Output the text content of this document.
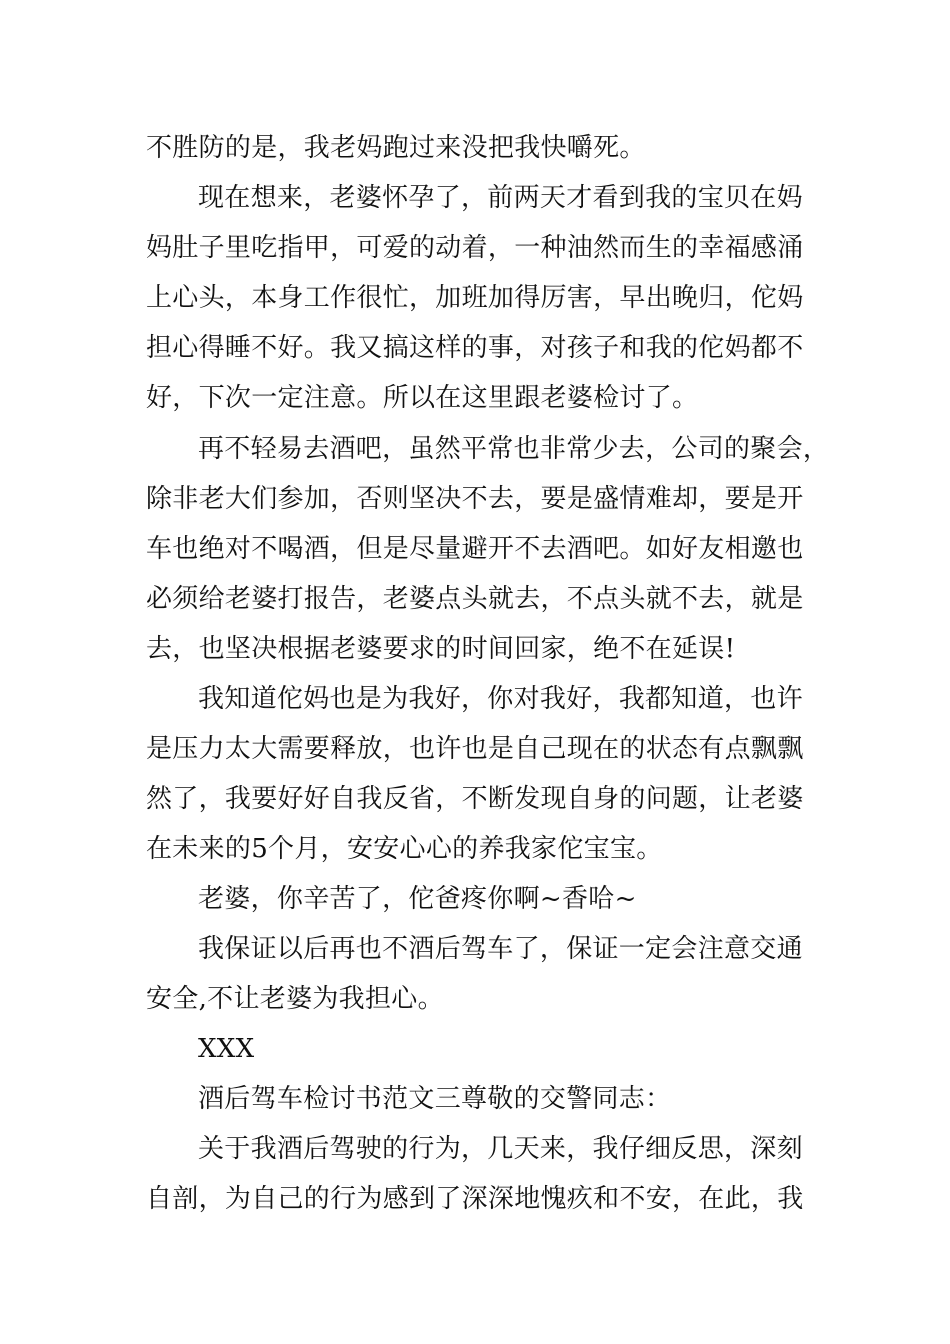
不胜防的是，我老妈跑过来没把我快嚼死。
现在想来，老婆怀孕了，前两天才看到我的宝贝在妈
妈肚子里吃指甲，可爱的动着，一种油然而生的幸福感涌
上心头，本身工作很忙，加班加得厉害，早出晚归，佗妈
担心得睡不好。我又搞这样的事，对孩子和我的佗妈都不
好，下次一定注意。所以在这里跟老婆检讨了。
再不轻易去酒吧，虽然平常也非常少去，公司的聚会，
除非老大们参加，否则坚决不去，要是盛情难却，要是开
车也绝对不喝酒，但是尽量避开不去酒吧。如好友相邀也
必须给老婆打报告，老婆点头就去，不点头就不去，就是
去，也坚决根据老婆要求的时间回家，绝不在延误!
我知道佗妈也是为我好，你对我好，我都知道，也许
是压力太大需要释放，也许也是自己现在的状态有点飘飘
然了，我要好好自我反省，不断发现自身的问题，让老婆
在未来的5个月，安安心心的养我家佗宝宝。
老婆，你辛苦了，佗爸疼你啊~香哈~
我保证以后再也不酒后驾车了，保证一定会注意交通
安全,不让老婆为我担心。
XXX
酒后驾车检讨书范文三尊敬的交警同志：
关于我酒后驾驶的行为，几天来，我仔细反思，深刻
自剖，为自己的行为感到了深深地愧疚和不安，在此，我
